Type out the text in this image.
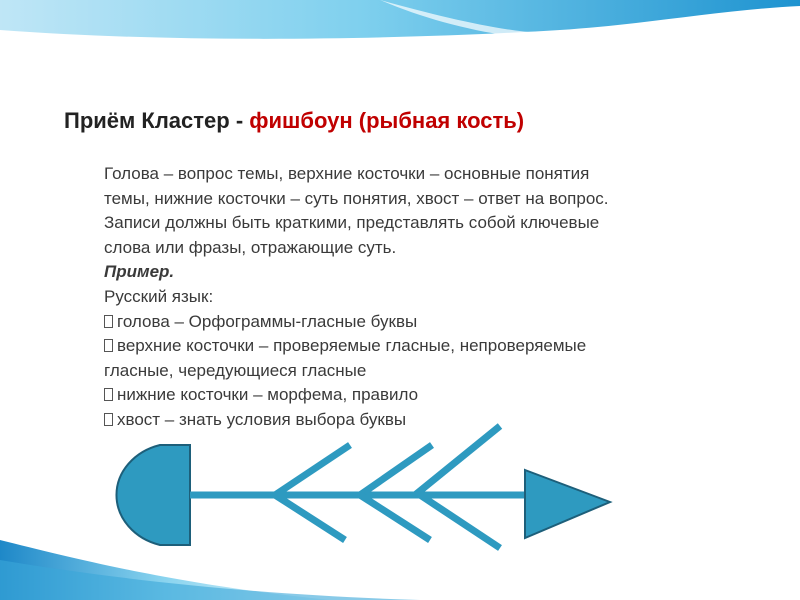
Приём Кластер - фишбоун (рыбная кость)
Голова – вопрос темы, верхние косточки – основные понятия
темы, нижние косточки – суть понятия, хвост – ответ на вопрос.
Записи должны быть краткими, представлять собой ключевые
слова или фразы, отражающие суть.
Пример.
Русский язык:
голова – Орфограммы-гласные буквы
верхние косточки – проверяемые гласные, непроверяемые
гласные, чередующиеся гласные
нижние косточки – морфема, правило
хвост – знать условия выбора буквы
